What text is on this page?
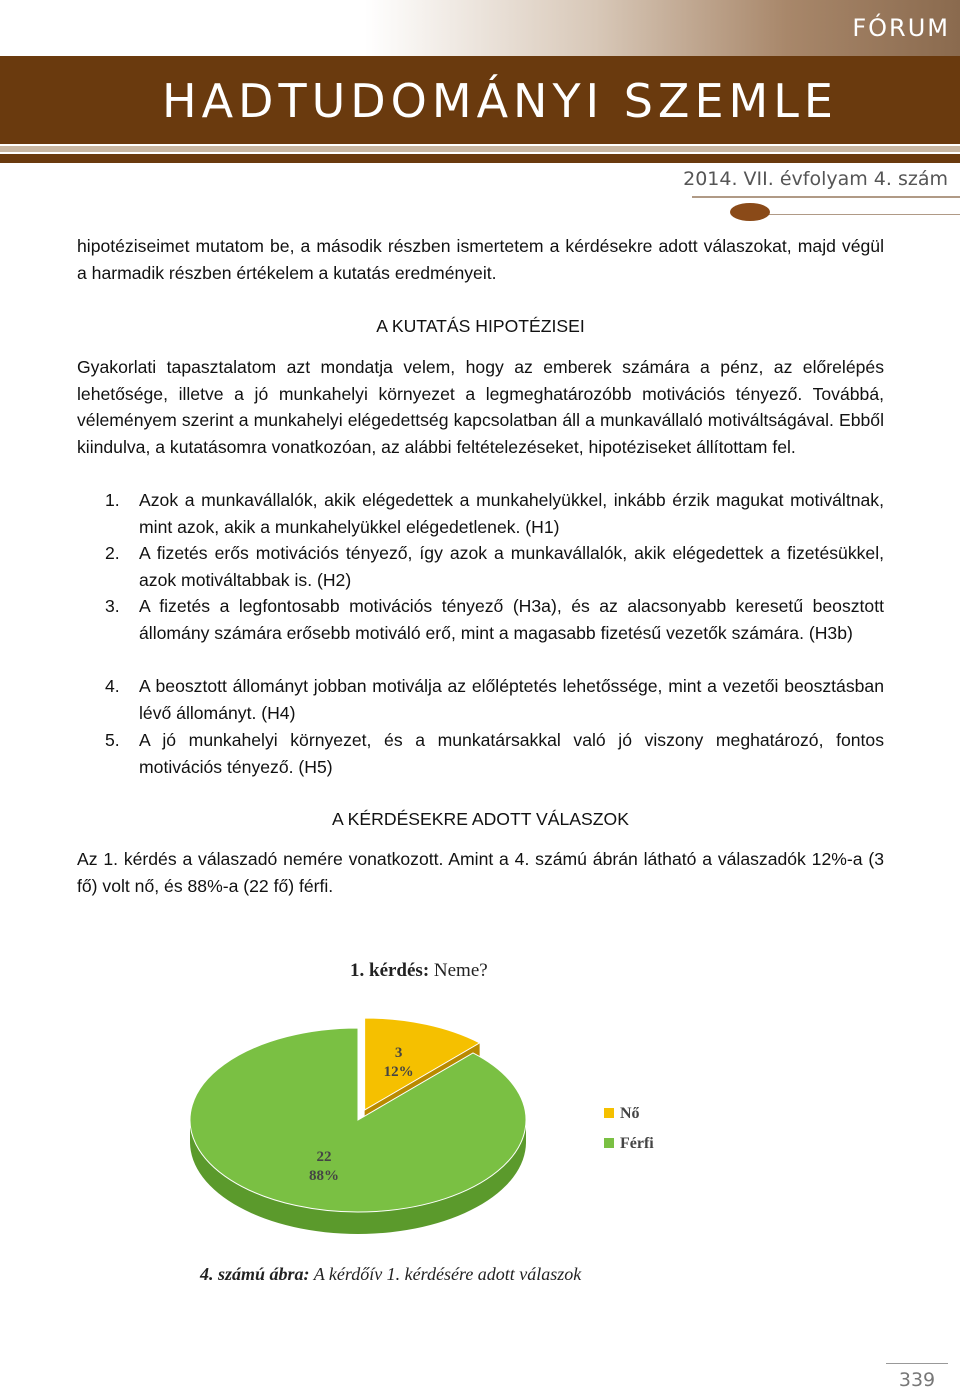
FÓRUM
HADTUDOMÁNYI SZEMLE
2014. VII. évfolyam 4. szám

hipotéziseimet mutatom be, a második részben ismertetem a kérdésekre adott válaszokat, majd végül a harmadik részben értékelem a kutatás eredményeit.

A KUTATÁS HIPOTÉZISEI

Gyakorlati tapasztalatom azt mondatja velem, hogy az emberek számára a pénz, az előrelépés lehetősége, illetve a jó munkahelyi környezet a legmeghatározóbb motivációs tényező. Továbbá, véleményem szerint a munkahelyi elégedettség kapcsolatban áll a munkavállaló motiváltságával. Ebből kiindulva, a kutatásomra vonatkozóan, az alábbi feltételezéseket, hipotéziseket állítottam fel.

1. Azok a munkavállalók, akik elégedettek a munkahelyükkel, inkább érzik magukat motiváltnak, mint azok, akik a munkahelyükkel elégedetlenek. (H1)
2. A fizetés erős motivációs tényező, így azok a munkavállalók, akik elégedettek a fizetésükkel, azok motiváltabbak is. (H2)
3. A fizetés a legfontosabb motivációs tényező (H3a), és az alacsonyabb keresetű beosztott állomány számára erősebb motiváló erő, mint a magasabb fizetésű vezetők számára. (H3b)
4. A beosztott állományt jobban motiválja az előléptetés lehetőssége, mint a vezetői beosztásban lévő állományt. (H4)
5. A jó munkahelyi környezet, és a munkatársakkal való jó viszony meghatározó, fontos motivációs tényező. (H5)

A KÉRDÉSEKRE ADOTT VÁLASZOK

Az 1. kérdés a válaszadó nemére vonatkozott. Amint a 4. számú ábrán látható a válaszadók 12%-a (3 fő) volt nő, és 88%-a (22 fő) férfi.

1. kérdés: Neme?
3
12%
22
88%
Nő
Férfi
4. számú ábra: A kérdőív 1. kérdésére adott válaszok
339
